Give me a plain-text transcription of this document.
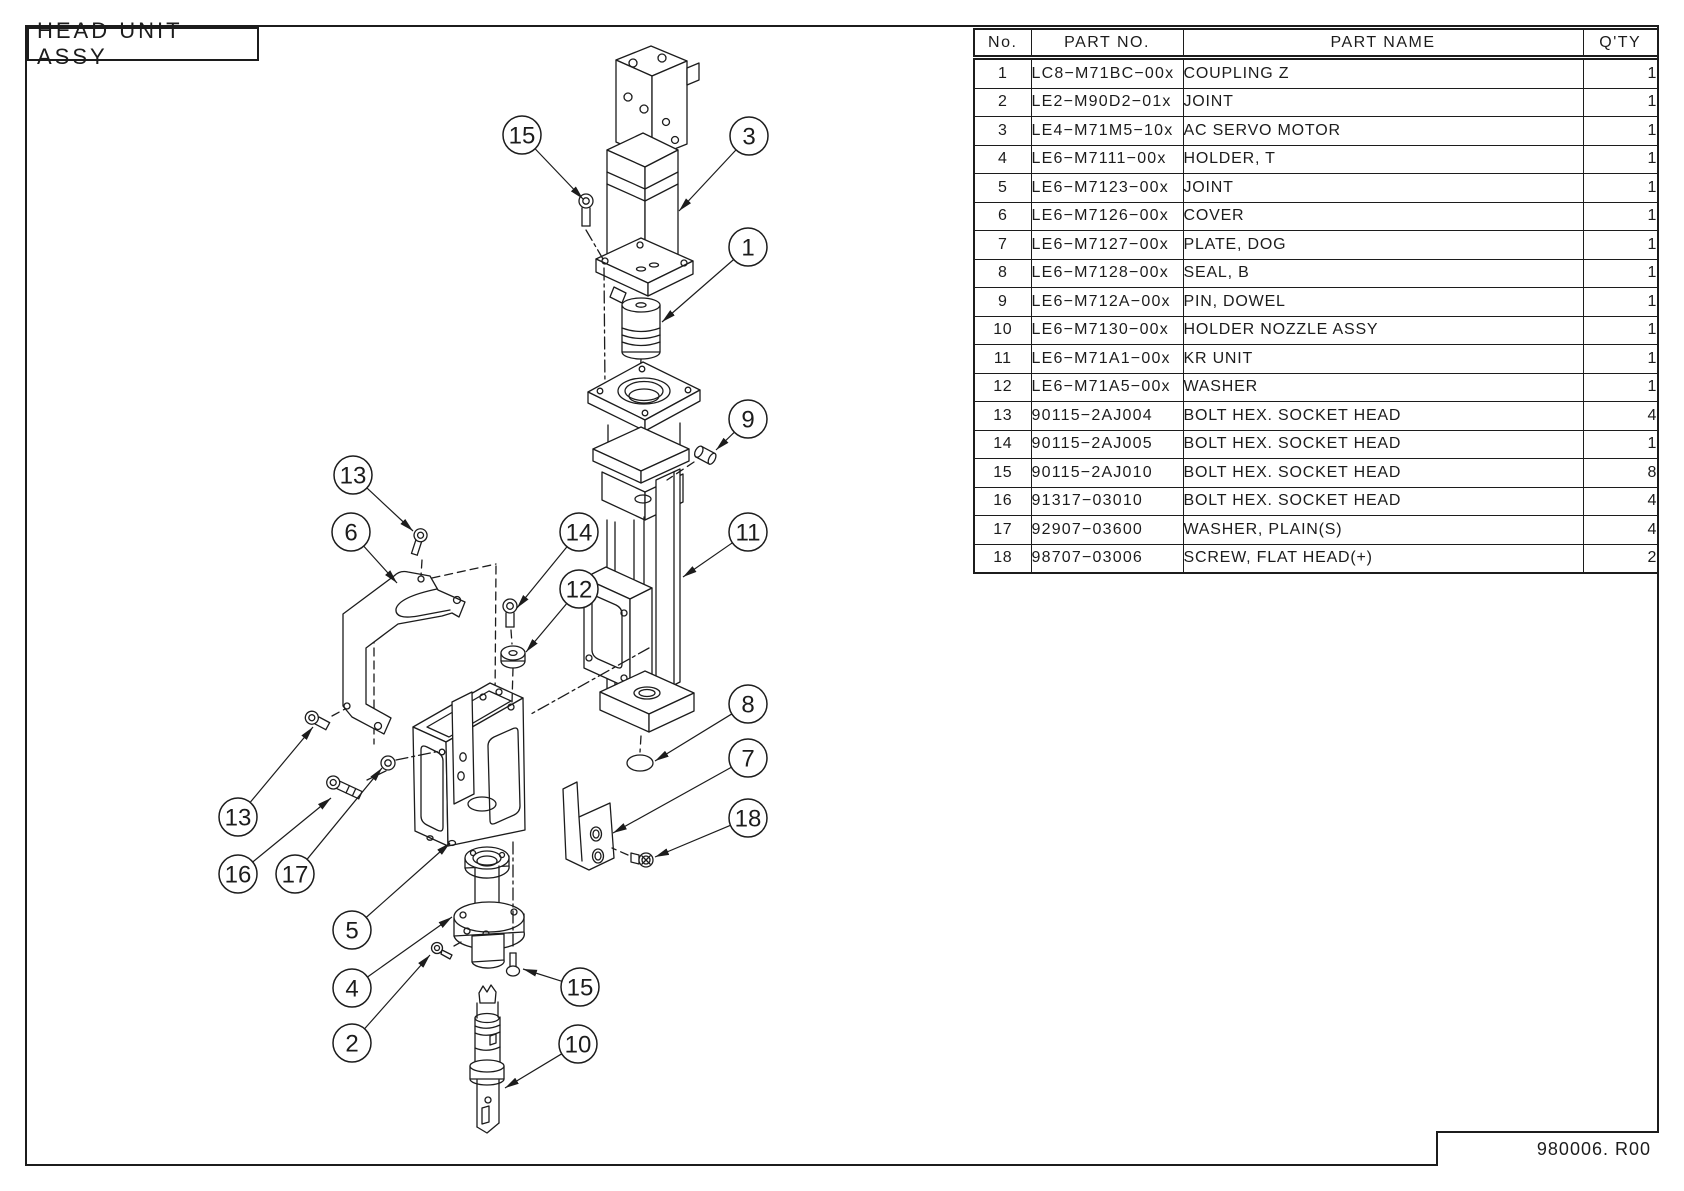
HEAD UNIT ASSY
15	3
1
9
13
6	14
12
11
8
7
18
13
16 17
5
4
2
15
10
No.	PART NO.	PART NAME	Q'TY
1	LC8−M71BC−00x	COUPLING Z	1
2	LE2−M90D2−01x	JOINT	1
3	LE4−M71M5−10x	AC SERVO MOTOR	1
4	LE6−M7111−00x	HOLDER, T	1
5	LE6−M7123−00x	JOINT	1
6	LE6−M7126−00x	COVER	1
7	LE6−M7127−00x	PLATE, DOG	1
8	LE6−M7128−00x	SEAL, B	1
9	LE6−M712A−00x	PIN, DOWEL	1
10	LE6−M7130−00x	HOLDER NOZZLE ASSY	1
11	LE6−M71A1−00x	KR UNIT	1
12	LE6−M71A5−00x	WASHER	1
13	90115−2AJ004	BOLT HEX. SOCKET HEAD	4
14	90115−2AJ005	BOLT HEX. SOCKET HEAD	1
15	90115−2AJ010	BOLT HEX. SOCKET HEAD	8
16	91317−03010	BOLT HEX. SOCKET HEAD	4
17	92907−03600	WASHER, PLAIN(S)	4
18	98707−03006	SCREW, FLAT HEAD(+)	2
980006. R00
